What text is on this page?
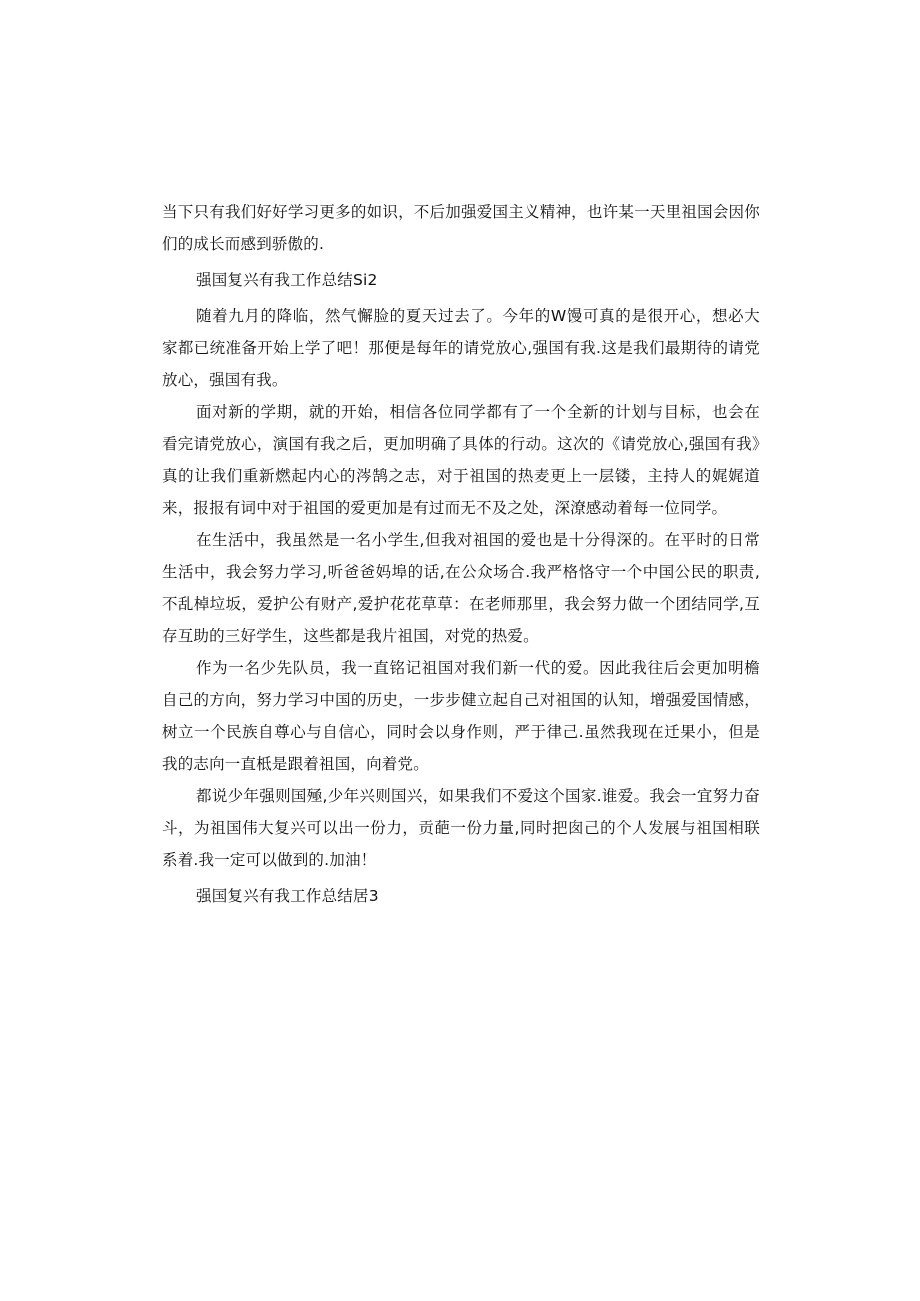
当下只有我们好好学习更多的如识，不后加强爱国主义精神，也许某一天里祖国会因你们的成长而感到骄傲的.

强国复兴有我工作总结Si2

随着九月的降临，然气懈脸的夏天过去了。今年的W馒可真的是很开心，想必大家都已统准备开始上学了吧！那便是每年的请党放心,强国有我.这是我们最期待的请党放心，强国有我。

面对新的学期，就的开始，相信各位同学都有了一个全新的计划与目标，也会在看完请党放心，演国有我之后，更加明确了具体的行动。这次的《请党放心,强国有我》真的让我们重新燃起内心的涔鹄之志，对于祖国的热麦更上一层镂，主持人的娓娓道来，报报有词中对于祖国的爱更加是有过而无不及之处，深潦感动着每一位同学。

在生活中，我虽然是一名小学生,但我对祖国的爱也是十分得深的。在平时的日常生活中，我会努力学习,听爸爸妈埠的话,在公众场合.我严格恪守一个中国公民的职责,不乱棹垃坂，爱护公有财产,爱护花花草草：在老师那里，我会努力做一个团结同学,互存互助的三好学生，这些都是我片祖国，对党的热爱。

作为一名少先队员，我一直铭记祖国对我们新一代的爱。因此我往后会更加明檐自己的方向，努力学习中国的历史，一步步健立起自己对祖国的认知，增强爱国情感，树立一个民族自尊心与自信心，同时会以身作则，严于律己.虽然我现在迁果小，但是我的志向一直柢是跟着祖国，向着党。

都说少年强则国殛,少年兴则国兴，如果我们不爱这个国家.谁爱。我会一宜努力奋斗，为祖国伟大复兴可以出一份力，贡葩一份力量,同时把囱己的个人发展与祖国相联系着.我一定可以做到的.加油！

强国复兴有我工作总结居3
